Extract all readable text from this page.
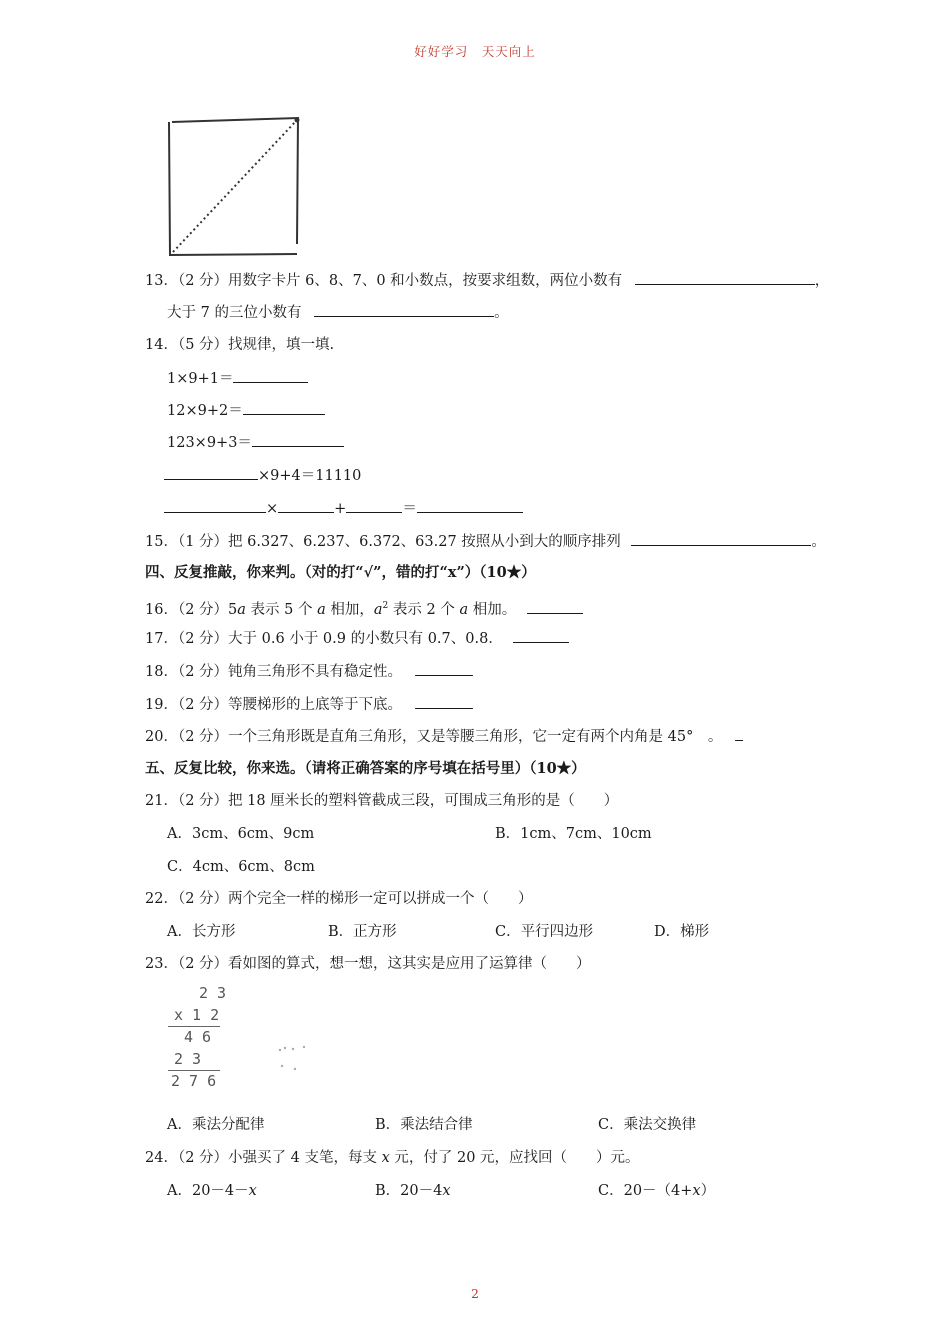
好好学习　天天向上
13．（2 分）用数字卡片 6、8、7、0 和小数点，按要求组数，两位小数有	，
大于 7 的三位小数有	。
14．（5 分）找规律，填一填.
1×9+1＝
12×9+2＝
123×9+3＝
×9+4＝11110
×	+	＝
15．（1 分）把 6.327、6.237、6.372、63.27 按照从小到大的顺序排列	。
四、反复推敲，你来判。（对的打“√”，错的打“x”）（10★）
16．（2 分）5a 表示 5 个 a 相加，$a^2$ 表示 2 个 a 相加。
17．（2 分）大于 0.6 小于 0.9 的小数只有 0.7、0.8．
18．（2 分）钝角三角形不具有稳定性。
19．（2 分）等腰梯形的上底等于下底。
20．（2 分）一个三角形既是直角三角形，又是等腰三角形，它一定有两个内角是 45°　。
五、反复比较，你来选。（请将正确答案的序号填在括号里）（10★）
21．（2 分）把 18 厘米长的塑料管截成三段，可围成三角形的是（　　）
A．3cm、6cm、9cm	B．1cm、7cm、10cm
C．4cm、6cm、8cm
22．（2 分）两个完全一样的梯形一定可以拼成一个（　　）
A．长方形	B．正方形	C．平行四边形	D．梯形
23．（2 分）看如图的算式，想一想，这其实是应用了运算律（　　）
2 3
x 1 2
4 6
2 3
2 7 6
A．乘法分配律	B．乘法结合律	C．乘法交换律
24．（2 分）小强买了 4 支笔，每支 x 元，付了 20 元，应找回（　　）元。
A．20－4－x	B．20－4x	C．20－（4+x）
2
